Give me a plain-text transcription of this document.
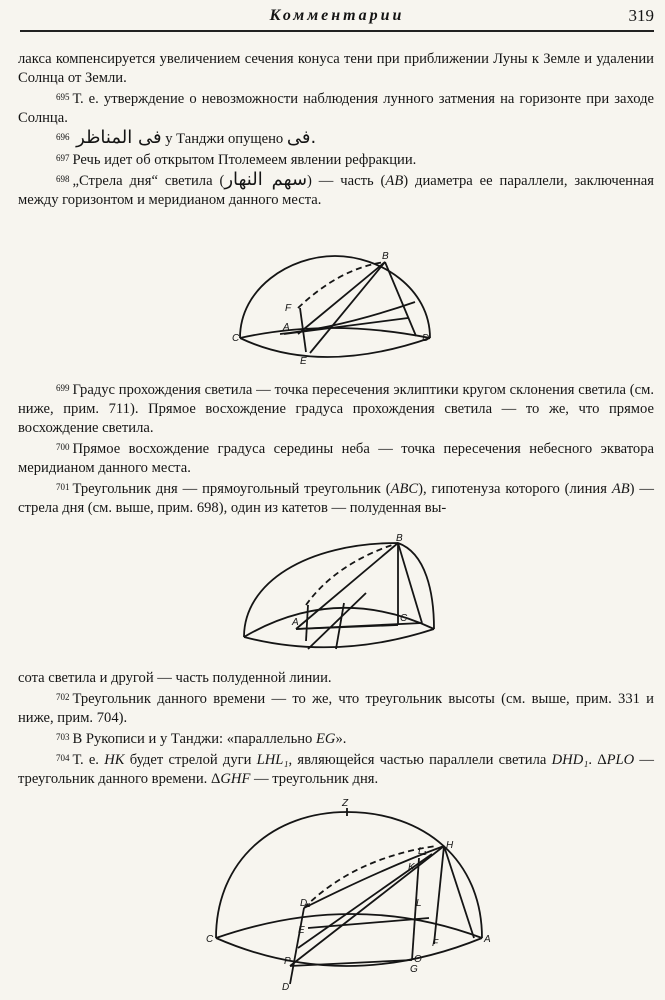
Комментарии	319

лакса компенсируется увеличением сечения конуса тени при приближении Луны к Земле и удалении Солнца от Земли.

$^{695}$ Т. е. утверждение о невозможности наблюдения лунного затмения на горизонте при заходе Солнца.

$^{696}$ فی المناظر у Танджи опущено فی.

$^{697}$ Речь идет об открытом Птолемеем явлении рефракции.

$^{698}$ „Стрела дня“ светила (سهم النهار) — часть (AB) диаметра ее параллели, заключенная между горизонтом и меридианом данного места.

B
F
A
C	D
E

$^{699}$ Градус прохождения светила — точка пересечения эклиптики кругом склонения светила (см. ниже, прим. 711). Прямое восхождение градуса прохождения светила — то же, что прямое восхождение светила.

$^{700}$ Прямое восхождение градуса середины неба — точка пересечения небесного экватора меридианом данного места.

$^{701}$ Треугольник дня — прямоугольный треугольник (ABC), гипотенуза которого (линия AB) — стрела дня (см. выше, прим. 698), один из катетов — полуденная вы-

B
A	C

сота светила и другой — часть полуденной линии.

$^{702}$ Треугольник данного времени — то же, что треугольник высоты (см. выше, прим. 331 и ниже, прим. 704).

$^{703}$ В Рукописи и у Танджи: «параллельно EG».

$^{704}$ Т. е. HK будет стрелой дуги LHL₁, являющейся частью параллели светила DHD₁. ΔPLO — треугольник данного времени. ΔGHF — треугольник дня.

Z
H
L₁
K
L
D₁
E
C	A
F
P	O
G
D
